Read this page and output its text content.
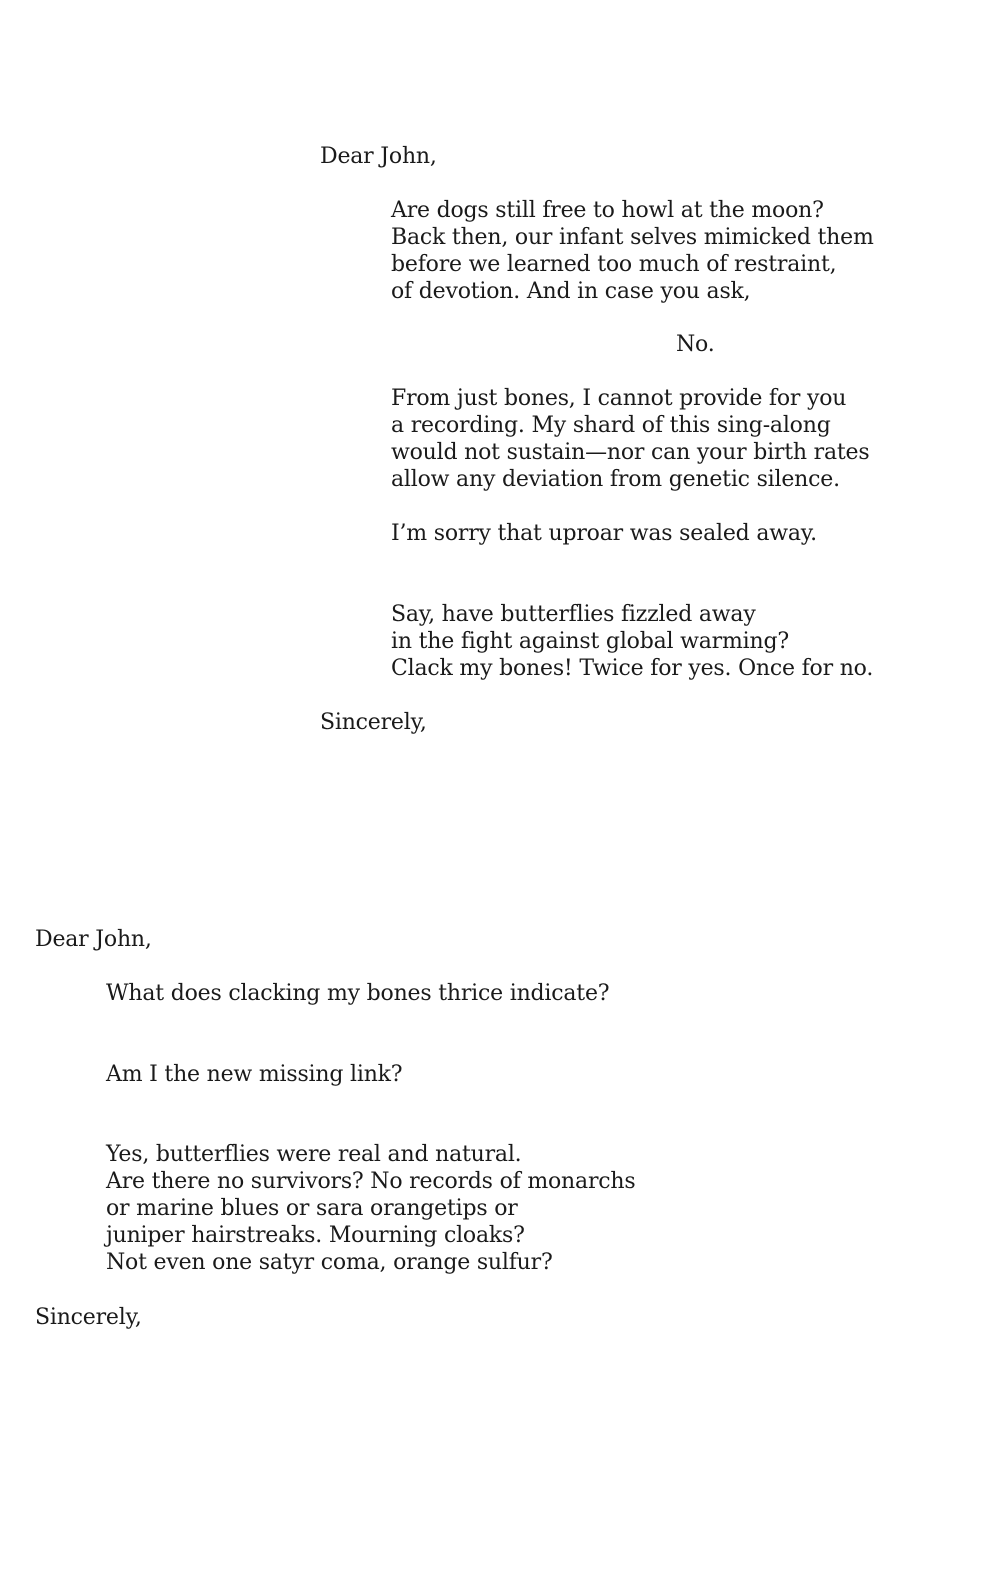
Dear John,
Are dogs still free to howl at the moon?
Back then, our infant selves mimicked them
before we learned too much of restraint,
of devotion. And in case you ask,
No.
From just bones, I cannot provide for you
a recording. My shard of this sing-along
would not sustain—nor can your birth rates
allow any deviation from genetic silence.
I’m sorry that uproar was sealed away.
Say, have butterflies fizzled away
in the fight against global warming?
Clack my bones! Twice for yes. Once for no.
Sincerely,
Dear John,
What does clacking my bones thrice indicate?
Am I the new missing link?
Yes, butterflies were real and natural.
Are there no survivors? No records of monarchs
or marine blues or sara orangetips or
juniper hairstreaks. Mourning cloaks?
Not even one satyr coma, orange sulfur?
Sincerely,
